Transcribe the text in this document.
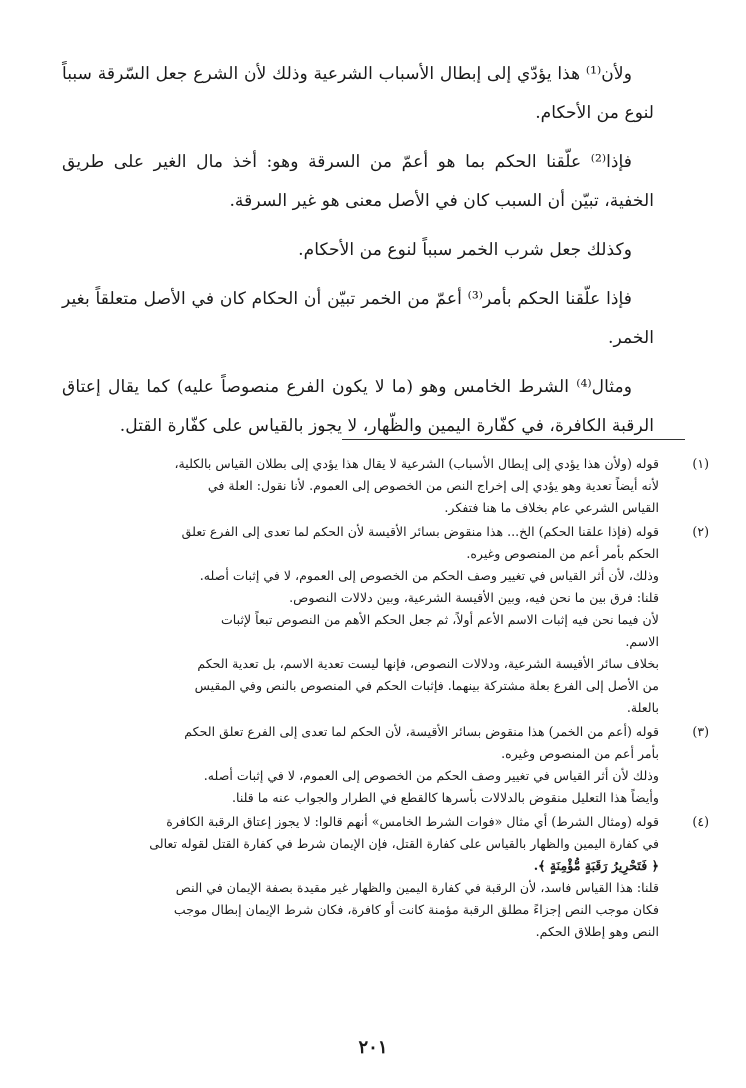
ولأن⁽¹⁾ هذا يؤدّي إلى إبطال الأسباب الشرعية وذلك لأن الشرع جعل السّرقة سبباً لنوع من الأحكام.

فإذا⁽²⁾ علّقنا الحكم بما هو أعمّ من السرقة وهو: أخذ مال الغير على طريق الخفية، تبيّن أن السبب كان في الأصل معنى هو غير السرقة.

وكذلك جعل شرب الخمر سبباً لنوع من الأحكام.

فإذا علّقنا الحكم بأمر⁽³⁾ أعمّ من الخمر تبيّن أن الحكام كان في الأصل متعلقاً بغير الخمر.

ومثال⁽⁴⁾ الشرط الخامس وهو (ما لا يكون الفرع منصوصاً عليه) كما يقال إعتاق الرقبة الكافرة، في كفّارة اليمين والظّهار، لا يجوز بالقياس على كفّارة القتل.

(١)
قوله (ولأن هذا يؤدي إلى إبطال الأسباب) الشرعية لا يقال هذا يؤدي إلى بطلان القياس بالكلية،
لأنه أيضاً تعدية وهو يؤدي إلى إخراج النص من الخصوص إلى العموم. لأنا نقول: العلة في
القياس الشرعي عام بخلاف ما هنا فتفكر.
(٢)
قوله (فإذا علقنا الحكم) الخ... هذا منقوض بسائر الأقيسة لأن الحكم لما تعدى إلى الفرع تعلق
الحكم بأمر أعم من المنصوص وغيره.
وذلك، لأن أثر القياس في تغيير وصف الحكم من الخصوص إلى العموم، لا في إثبات أصله.
قلنا: فرق بين ما نحن فيه، وبين الأقيسة الشرعية، وبين دلالات النصوص.
لأن فيما نحن فيه إثبات الاسم الأعم أولاً، ثم جعل الحكم الأهم من النصوص تبعاً لإثبات
الاسم.
بخلاف سائر الأقيسة الشرعية، ودلالات النصوص، فإنها ليست تعدية الاسم، بل تعدية الحكم
من الأصل إلى الفرع بعلة مشتركة بينهما. فإثبات الحكم في المنصوص بالنص وفي المقيس
بالعلة.
(٣)
قوله (أعم من الخمر) هذا منقوض بسائر الأقيسة، لأن الحكم لما تعدى إلى الفرع تعلق الحكم
بأمر أعم من المنصوص وغيره.
وذلك لأن أثر القياس في تغيير وصف الحكم من الخصوص إلى العموم، لا في إثبات أصله.
وأيضاً هذا التعليل منقوض بالدلالات بأسرها كالقطع في الطرار والجواب عنه ما قلنا.
(٤)
قوله (ومثال الشرط) أي مثال «فوات الشرط الخامس» أنهم قالوا: لا يجوز إعتاق الرقبة الكافرة
في كفارة اليمين والظهار بالقياس على كفارة القتل، فإن الإيمان شرط في كفارة القتل لقوله تعالى
﴿ فَتَحْرِيرُ رَقَبَةٍ مُّؤْمِنَةٍ ﴾.
قلنا: هذا القياس فاسد، لأن الرقبة في كفارة اليمين والظهار غير مقيدة بصفة الإيمان في النص
فكان موجب النص إجزاءً مطلق الرقبة مؤمنة كانت أو كافرة، فكان شرط الإيمان إبطال موجب
النص وهو إطلاق الحكم.
٢٠١
